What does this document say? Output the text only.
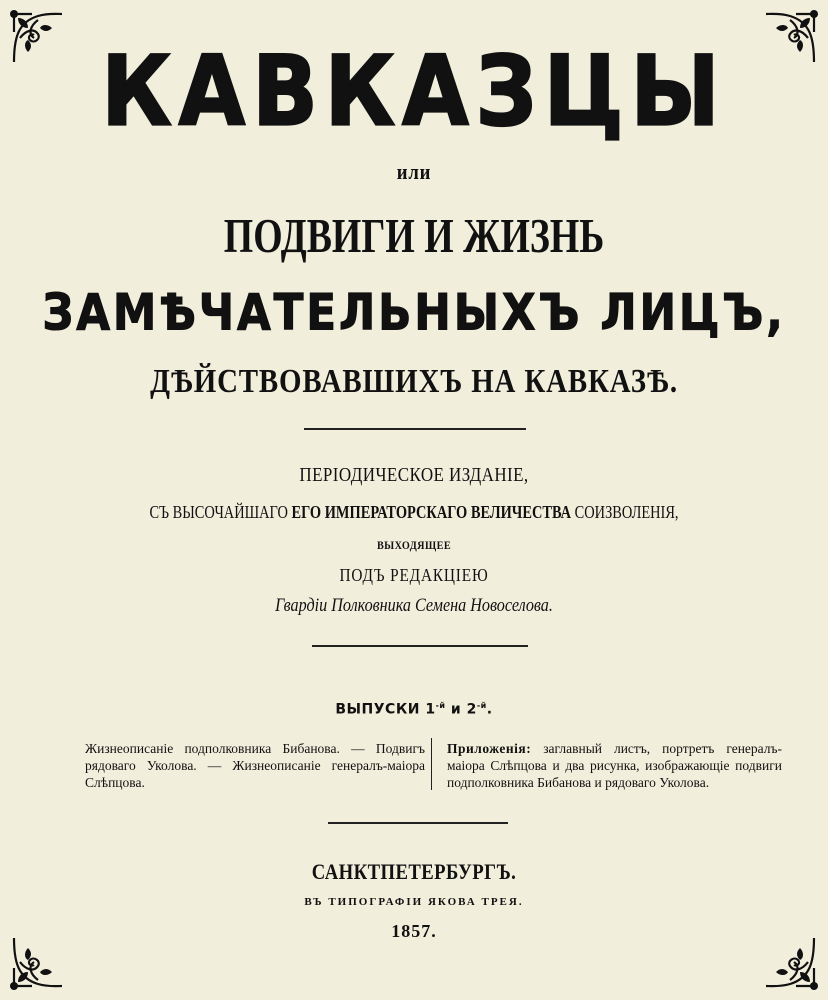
КАВКАЗЦЫ
или
ПОДВИГИ И ЖИЗНЬ
ЗАМѢЧАТЕЛЬНЫХЪ ЛИЦЪ,
ДѢЙСТВОВАВШИХЪ НА КАВКАЗѢ.
ПЕРІОДИЧЕСКОЕ ИЗДАНІЕ,
СЪ ВЫСОЧАЙШАГО ЕГО ИМПЕРАТОРСКАГО ВЕЛИЧЕСТВА СОИЗВОЛЕНІЯ,
ВЫХОДЯЩЕЕ
ПОДЪ РЕДАКЦІЕЮ
Гвардіи Полковника Семена Новоселова.
ВЫПУСКИ $1^{-й}$ и $2^{-й}$.
Жизнеописаніе подполковника Бибанова. — Подвигъ рядоваго Уколова. — Жизнеописаніе генералъ-маіора Слѣпцова.
Приложенія: заглавный листъ, портретъ генералъ-маіора Слѣпцова и два рисунка, изображающіе подвиги подполковника Бибанова и рядоваго Уколова.
САНКТПЕТЕРБУРГЪ.
ВЪ ТИПОГРАФІИ ЯКОВА ТРЕЯ.
1857.
